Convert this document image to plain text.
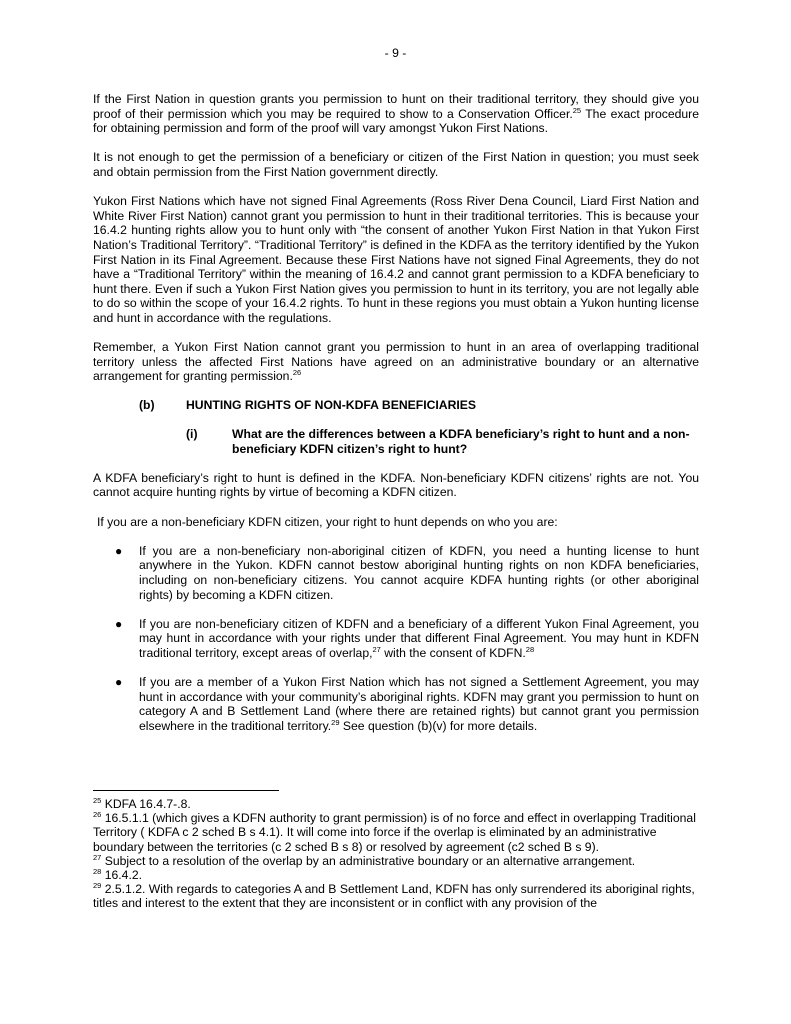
- 9 -

If the First Nation in question grants you permission to hunt on their traditional territory, they should give you proof of their permission which you may be required to show to a Conservation Officer.$^{25}$ The exact procedure for obtaining permission and form of the proof will vary amongst Yukon First Nations.

It is not enough to get the permission of a beneficiary or citizen of the First Nation in question; you must seek and obtain permission from the First Nation government directly.

Yukon First Nations which have not signed Final Agreements (Ross River Dena Council, Liard First Nation and White River First Nation) cannot grant you permission to hunt in their traditional territories. This is because your 16.4.2 hunting rights allow you to hunt only with “the consent of another Yukon First Nation in that Yukon First Nation’s Traditional Territory”. “Traditional Territory” is defined in the KDFA as the territory identified by the Yukon First Nation in its Final Agreement. Because these First Nations have not signed Final Agreements, they do not have a “Traditional Territory” within the meaning of 16.4.2 and cannot grant permission to a KDFA beneficiary to hunt there. Even if such a Yukon First Nation gives you permission to hunt in its territory, you are not legally able to do so within the scope of your 16.4.2 rights. To hunt in these regions you must obtain a Yukon hunting license and hunt in accordance with the regulations.

Remember, a Yukon First Nation cannot grant you permission to hunt in an area of overlapping traditional territory unless the affected First Nations have agreed on an administrative boundary or an alternative arrangement for granting permission.$^{26}$

(b)	HUNTING RIGHTS OF NON-KDFA BENEFICIARIES
(i)	What are the differences between a KDFA beneficiary’s right to hunt and a non-beneficiary KDFN citizen’s right to hunt?

A KDFA beneficiary’s right to hunt is defined in the KDFA. Non-beneficiary KDFN citizens’ rights are not. You cannot acquire hunting rights by virtue of becoming a KDFN citizen.

If you are a non-beneficiary KDFN citizen, your right to hunt depends on who you are:

●	If you are a non-beneficiary non-aboriginal citizen of KDFN, you need a hunting license to hunt anywhere in the Yukon. KDFN cannot bestow aboriginal hunting rights on non KDFA beneficiaries, including on non-beneficiary citizens. You cannot acquire KDFA hunting rights (or other aboriginal rights) by becoming a KDFN citizen.
●	If you are non-beneficiary citizen of KDFN and a beneficiary of a different Yukon Final Agreement, you may hunt in accordance with your rights under that different Final Agreement. You may hunt in KDFN traditional territory, except areas of overlap,$^{27}$ with the consent of KDFN.$^{28}$
●	If you are a member of a Yukon First Nation which has not signed a Settlement Agreement, you may hunt in accordance with your community’s aboriginal rights. KDFN may grant you permission to hunt on category A and B Settlement Land (where there are retained rights) but cannot grant you permission elsewhere in the traditional territory.$^{29}$ See question (b)(v) for more details.

$^{25}$ KDFA 16.4.7-.8.

$^{26}$ 16.5.1.1 (which gives a KDFN authority to grant permission) is of no force and effect in overlapping Traditional Territory ( KDFA c 2 sched B s 4.1). It will come into force if the overlap is eliminated by an administrative boundary between the territories (c 2 sched B s 8) or resolved by agreement (c2 sched B s 9).

$^{27}$ Subject to a resolution of the overlap by an administrative boundary or an alternative arrangement.

$^{28}$ 16.4.2.

$^{29}$ 2.5.1.2. With regards to categories A and B Settlement Land, KDFN has only surrendered its aboriginal rights, titles and interest to the extent that they are inconsistent or in conflict with any provision of the
